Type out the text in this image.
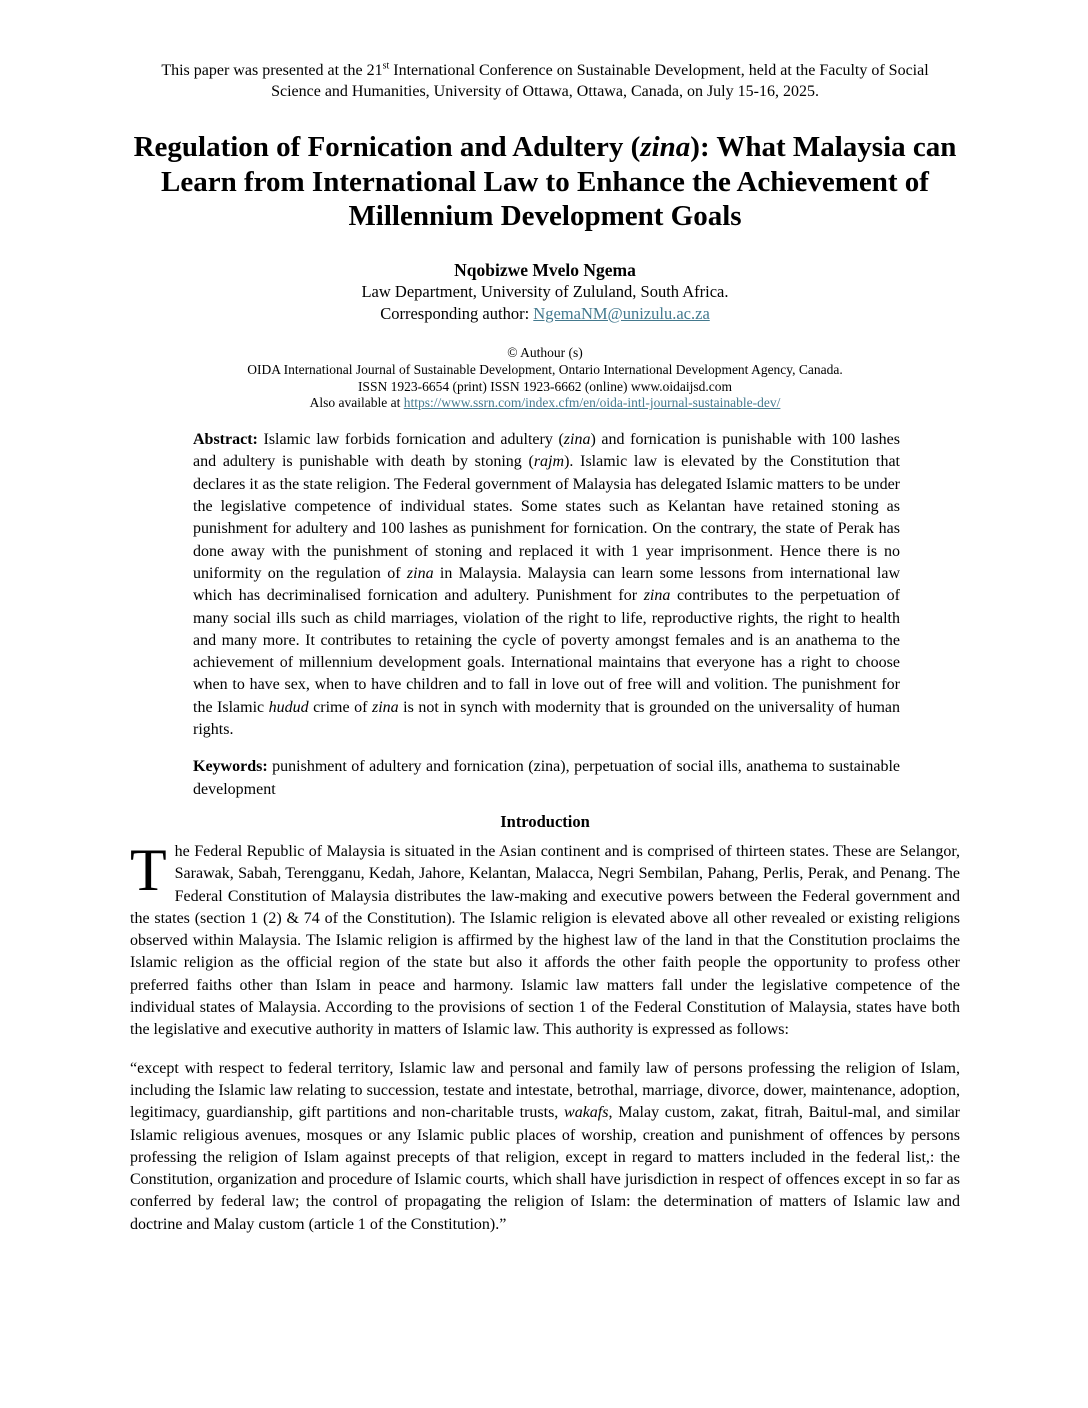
This paper was presented at the 21st International Conference on Sustainable Development, held at the Faculty of Social Science and Humanities, University of Ottawa, Ottawa, Canada, on July 15-16, 2025.

Regulation of Fornication and Adultery (zina): What Malaysia can Learn from International Law to Enhance the Achievement of Millennium Development Goals

Nqobizwe Mvelo Ngema

Law Department, University of Zululand, South Africa.

Corresponding author: NgemaNM@unizulu.ac.za

© Authour (s)

OIDA International Journal of Sustainable Development, Ontario International Development Agency, Canada.

ISSN 1923-6654 (print) ISSN 1923-6662 (online) www.oidaijsd.com

Also available at https://www.ssrn.com/index.cfm/en/oida-intl-journal-sustainable-dev/

Abstract: Islamic law forbids fornication and adultery (zina) and fornication is punishable with 100 lashes and adultery is punishable with death by stoning (rajm). Islamic law is elevated by the Constitution that declares it as the state religion. The Federal government of Malaysia has delegated Islamic matters to be under the legislative competence of individual states. Some states such as Kelantan have retained stoning as punishment for adultery and 100 lashes as punishment for fornication. On the contrary, the state of Perak has done away with the punishment of stoning and replaced it with 1 year imprisonment. Hence there is no uniformity on the regulation of zina in Malaysia. Malaysia can learn some lessons from international law which has decriminalised fornication and adultery. Punishment for zina contributes to the perpetuation of many social ills such as child marriages, violation of the right to life, reproductive rights, the right to health and many more. It contributes to retaining the cycle of poverty amongst females and is an anathema to the achievement of millennium development goals. International maintains that everyone has a right to choose when to have sex, when to have children and to fall in love out of free will and volition. The punishment for the Islamic hudud crime of zina is not in synch with modernity that is grounded on the universality of human rights.

Keywords: punishment of adultery and fornication (zina), perpetuation of social ills, anathema to sustainable development

Introduction

The Federal Republic of Malaysia is situated in the Asian continent and is comprised of thirteen states. These are Selangor, Sarawak, Sabah, Terengganu, Kedah, Jahore, Kelantan, Malacca, Negri Sembilan, Pahang, Perlis, Perak, and Penang. The Federal Constitution of Malaysia distributes the law-making and executive powers between the Federal government and the states (section 1 (2) & 74 of the Constitution). The Islamic religion is elevated above all other revealed or existing religions observed within Malaysia. The Islamic religion is affirmed by the highest law of the land in that the Constitution proclaims the Islamic religion as the official region of the state but also it affords the other faith people the opportunity to profess other preferred faiths other than Islam in peace and harmony. Islamic law matters fall under the legislative competence of the individual states of Malaysia. According to the provisions of section 1 of the Federal Constitution of Malaysia, states have both the legislative and executive authority in matters of Islamic law. This authority is expressed as follows:

“except with respect to federal territory, Islamic law and personal and family law of persons professing the religion of Islam, including the Islamic law relating to succession, testate and intestate, betrothal, marriage, divorce, dower, maintenance, adoption, legitimacy, guardianship, gift partitions and non-charitable trusts, wakafs, Malay custom, zakat, fitrah, Baitul-mal, and similar Islamic religious avenues, mosques or any Islamic public places of worship, creation and punishment of offences by persons professing the religion of Islam against precepts of that religion, except in regard to matters included in the federal list,: the Constitution, organization and procedure of Islamic courts, which shall have jurisdiction in respect of offences except in so far as conferred by federal law; the control of propagating the religion of Islam: the determination of matters of Islamic law and doctrine and Malay custom (article 1 of the Constitution).”
